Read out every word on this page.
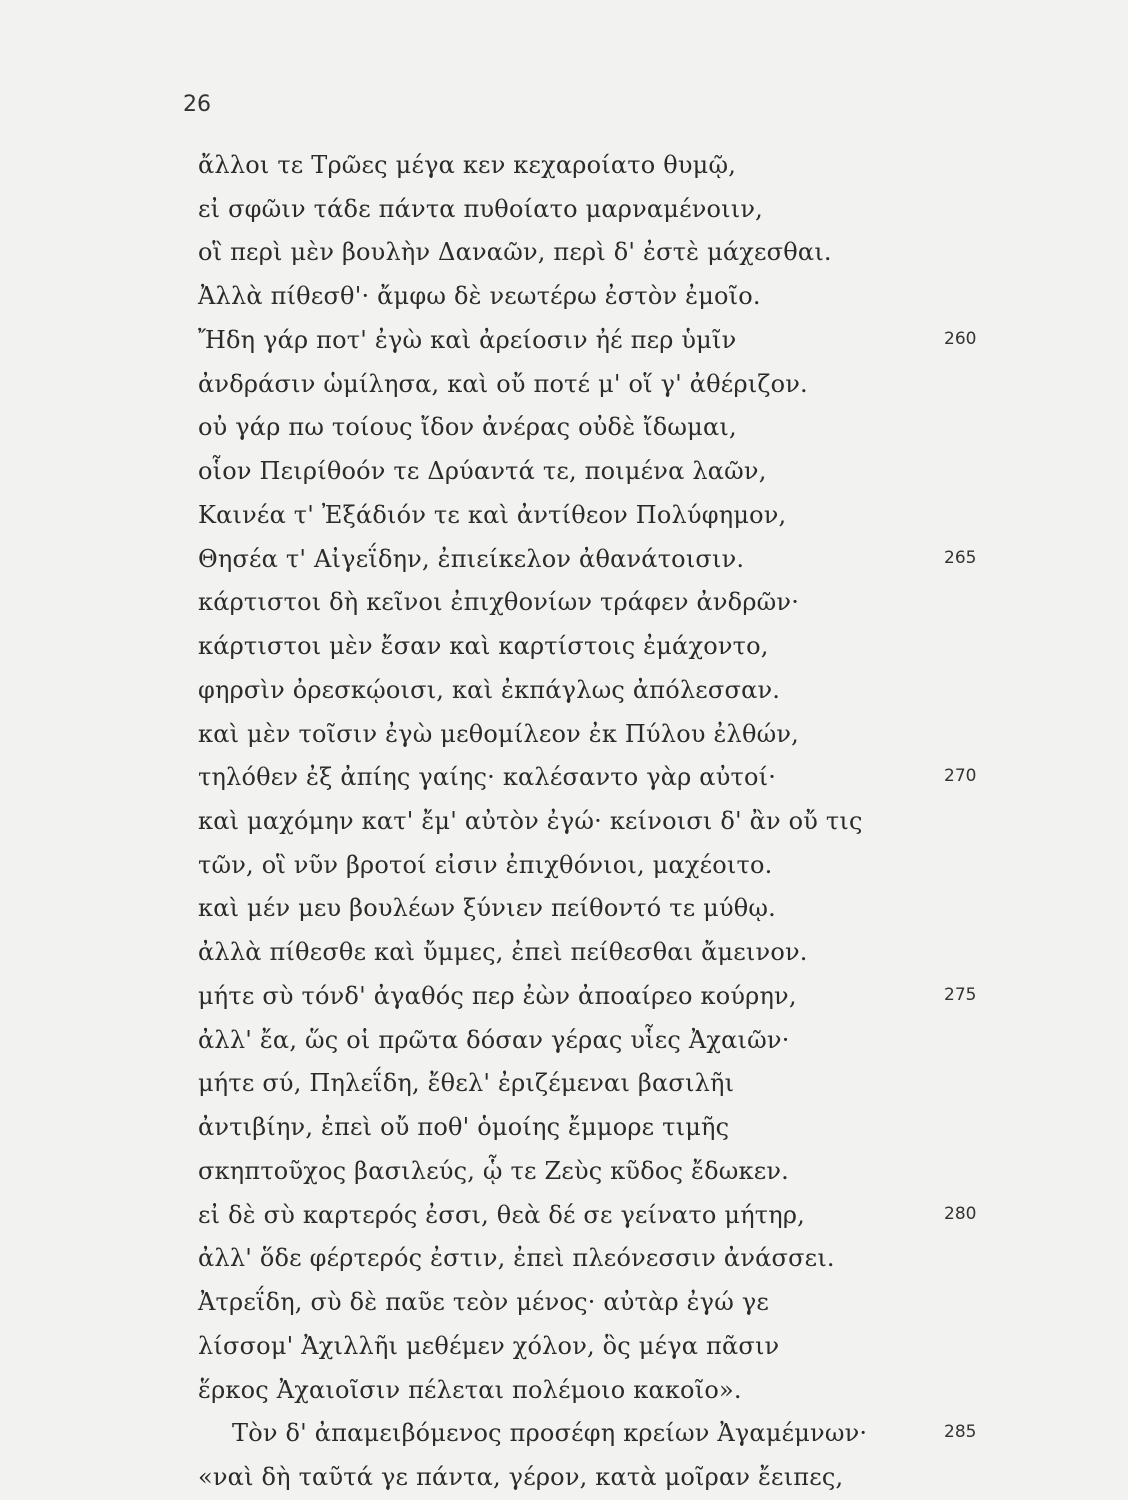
26
ἄλλοι τε Τρῶες μέγα κεν κεχαροίατο θυμῷ,
εἰ σφῶιν τάδε πάντα πυθοίατο μαρναμένοιιν,
οἳ περὶ μὲν βουλὴν Δαναῶν, περὶ δ' ἐστὲ μάχεσθαι.
Ἀλλὰ πίθεσθ'· ἄμφω δὲ νεωτέρω ἐστὸν ἐμοῖο.
Ἤδη γάρ ποτ' ἐγὼ καὶ ἀρείοσιν ἠέ περ ὑμῖν
ἀνδράσιν ὡμίλησα, καὶ οὔ ποτέ μ' οἵ γ' ἀθέριζον.
οὐ γάρ πω τοίους ἴδον ἀνέρας οὐδὲ ἴδωμαι,
οἷον Πειρίθοόν τε Δρύαντά τε, ποιμένα λαῶν,
Καινέα τ' Ἐξάδιόν τε καὶ ἀντίθεον Πολύφημον,
Θησέα τ' Αἰγεΐδην, ἐπιείκελον ἀθανάτοισιν.
κάρτιστοι δὴ κεῖνοι ἐπιχθονίων τράφεν ἀνδρῶν·
κάρτιστοι μὲν ἔσαν καὶ καρτίστοις ἐμάχοντο,
φηρσὶν ὀρεσκῴοισι, καὶ ἐκπάγλως ἀπόλεσσαν.
καὶ μὲν τοῖσιν ἐγὼ μεθομίλεον ἐκ Πύλου ἐλθών,
τηλόθεν ἐξ ἀπίης γαίης· καλέσαντο γὰρ αὐτοί·
καὶ μαχόμην κατ' ἔμ' αὐτὸν ἐγώ· κείνοισι δ' ἂν οὔ τις
τῶν, οἳ νῦν βροτοί εἰσιν ἐπιχθόνιοι, μαχέοιτο.
καὶ μέν μευ βουλέων ξύνιεν πείθοντό τε μύθῳ.
ἀλλὰ πίθεσθε καὶ ὔμμες, ἐπεὶ πείθεσθαι ἄμεινον.
μήτε σὺ τόνδ' ἀγαθός περ ἐὼν ἀποαίρεο κούρην,
ἀλλ' ἔα, ὥς οἱ πρῶτα δόσαν γέρας υἷες Ἀχαιῶν·
μήτε σύ, Πηλεΐδη, ἔθελ' ἐριζέμεναι βασιλῆι
ἀντιβίην, ἐπεὶ οὔ ποθ' ὁμοίης ἔμμορε τιμῆς
σκηπτοῦχος βασιλεύς, ᾧ τε Ζεὺς κῦδος ἔδωκεν.
εἰ δὲ σὺ καρτερός ἐσσι, θεὰ δέ σε γείνατο μήτηρ,
ἀλλ' ὅδε φέρτερός ἐστιν, ἐπεὶ πλεόνεσσιν ἀνάσσει.
Ἀτρεΐδη, σὺ δὲ παῦε τεὸν μένος· αὐτὰρ ἐγώ γε
λίσσομ' Ἀχιλλῆι μεθέμεν χόλον, ὃς μέγα πᾶσιν
ἕρκος Ἀχαιοῖσιν πέλεται πολέμοιο κακοῖο».
Τὸν δ' ἀπαμειβόμενος προσέφη κρείων Ἀγαμέμνων·
«ναὶ δὴ ταῦτά γε πάντα, γέρον, κατὰ μοῖραν ἔειπες,
260
265
270
275
280
285
